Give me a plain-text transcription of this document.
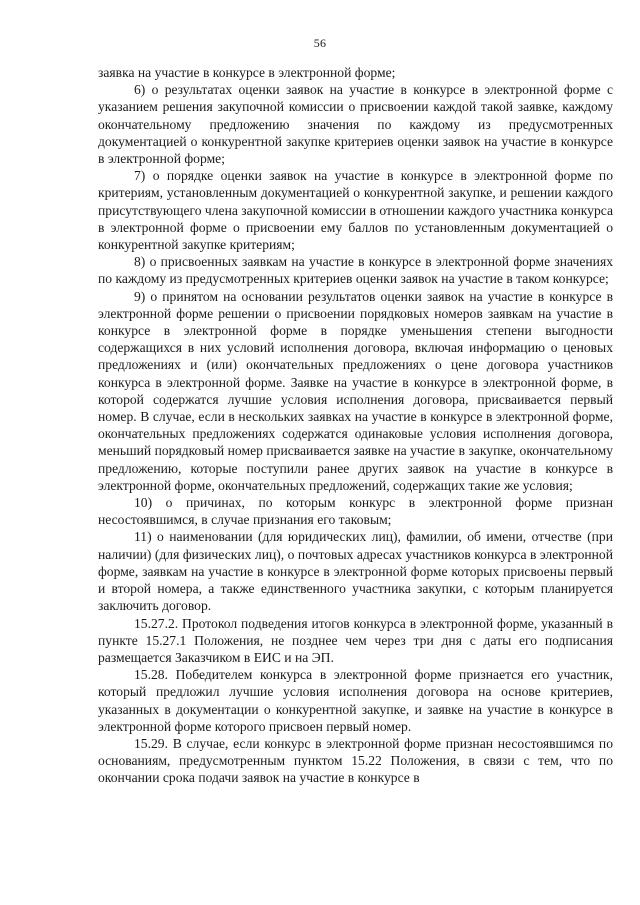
56

заявка на участие в конкурсе в электронной форме;

6) о результатах оценки заявок на участие в конкурсе в электронной форме с указанием решения закупочной комиссии о присвоении каждой такой заявке, каждому окончательному предложению значения по каждому из предусмотренных документацией о конкурентной закупке критериев оценки заявок на участие в конкурсе в электронной форме;

7) о порядке оценки заявок на участие в конкурсе в электронной форме по критериям, установленным документацией о конкурентной закупке, и решении каждого присутствующего члена закупочной комиссии в отношении каждого участника конкурса в электронной форме о присвоении ему баллов по установленным документацией о конкурентной закупке критериям;

8) о присвоенных заявкам на участие в конкурсе в электронной форме значениях по каждому из предусмотренных критериев оценки заявок на участие в таком конкурсе;

9) о принятом на основании результатов оценки заявок на участие в конкурсе в электронной форме решении о присвоении порядковых номеров заявкам на участие в конкурсе в электронной форме в порядке уменьшения степени выгодности содержащихся в них условий исполнения договора, включая информацию о ценовых предложениях и (или) окончательных предложениях о цене договора участников конкурса в электронной форме. Заявке на участие в конкурсе в электронной форме, в которой содержатся лучшие условия исполнения договора, присваивается первый номер. В случае, если в нескольких заявках на участие в конкурсе в электронной форме, окончательных предложениях содержатся одинаковые условия исполнения договора, меньший порядковый номер присваивается заявке на участие в закупке, окончательному предложению, которые поступили ранее других заявок на участие в конкурсе в электронной форме, окончательных предложений, содержащих такие же условия;

10) о причинах, по которым конкурс в электронной форме признан несостоявшимся, в случае признания его таковым;

11) о наименовании (для юридических лиц), фамилии, об имени, отчестве (при наличии) (для физических лиц), о почтовых адресах участников конкурса в электронной форме, заявкам на участие в конкурсе в электронной форме которых присвоены первый и второй номера, а также единственного участника закупки, с которым планируется заключить договор.

15.27.2. Протокол подведения итогов конкурса в электронной форме, указанный в пункте 15.27.1 Положения, не позднее чем через три дня с даты его подписания размещается Заказчиком в ЕИС и на ЭП.

15.28. Победителем конкурса в электронной форме признается его участник, который предложил лучшие условия исполнения договора на основе критериев, указанных в документации о конкурентной закупке, и заявке на участие в конкурсе в электронной форме которого присвоен первый номер.

15.29. В случае, если конкурс в электронной форме признан несостоявшимся по основаниям, предусмотренным пунктом 15.22 Положения, в связи с тем, что по окончании срока подачи заявок на участие в конкурсе в
